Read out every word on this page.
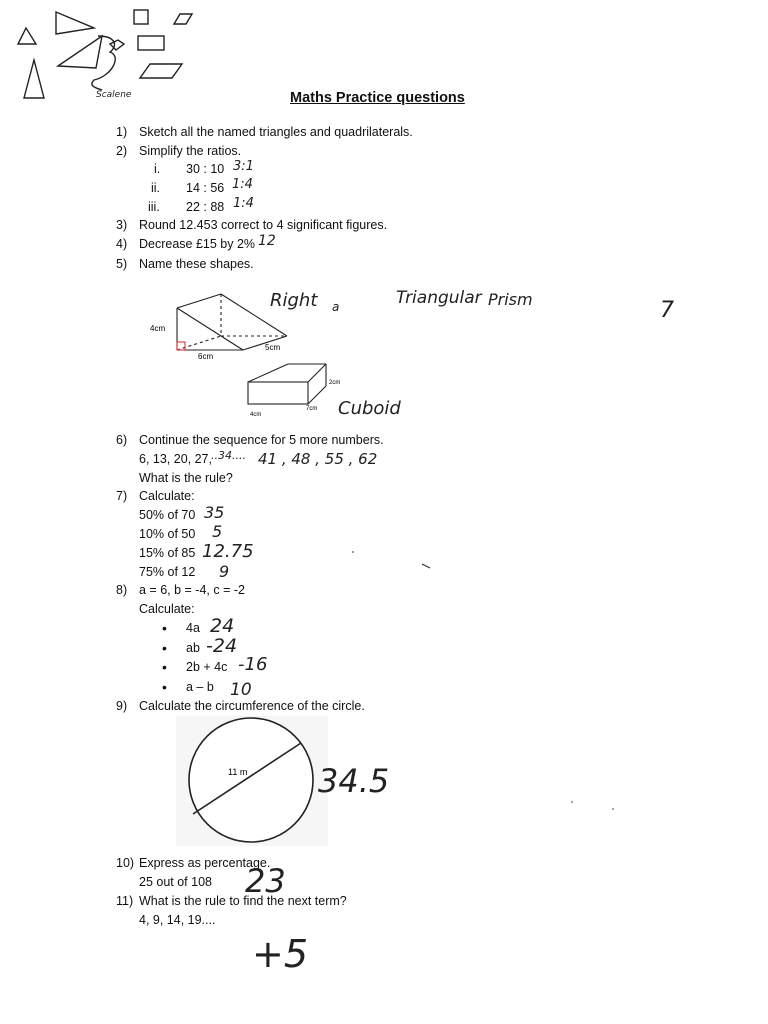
Scalene	Maths Practice questions
1) Sketch all the named triangles and quadrilaterals.
2) Simplify the ratios.
i. 30 : 10 3:1
ii. 14 : 56 1:4
iii. 22 : 88 1:4
3) Round 12.453 correct to 4 significant figures.
4) Decrease £15 by 2% 12
5) Name these shapes.
4cm
6cm
5cm
Right a	Triangular Prism	7
2cm
7cm
4cm	Cuboid
6) Continue the sequence for 5 more numbers.
6, 13, 20, 27, ..34.... 41 , 48 , 55 , 62
What is the rule?
7) Calculate:
50% of 70 35
10% of 50 5
15% of 85 12.75
75% of 12 9
8) a = 6, b = -4, c = -2
Calculate:
• 4a 24
• ab -24
• 2b + 4c -16
• a – b 10
9) Calculate the circumference of the circle.
11 m 34.5
10) Express as percentage.
25 out of 108 23
11) What is the rule to find the next term?
4, 9, 14, 19....
+5
